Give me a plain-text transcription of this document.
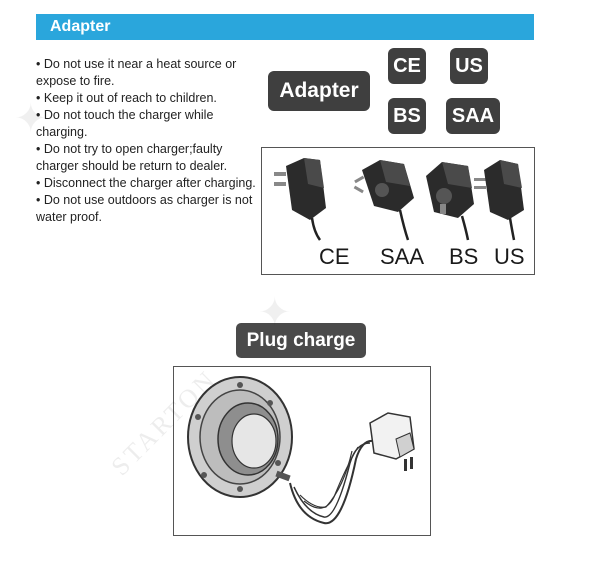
Adapter

• Do not use it near a heat source or expose to fire.

• Keep it out of reach to children.

• Do not touch the charger while charging.

• Do not try to open charger;faulty charger should be return to dealer.

• Disconnect the charger after charging.

• Do not use outdoors as charger is not water proof.

Adapter
CE US
BS SAA
CE SAA BS US
Plug charge
STARTON
✦
✦
